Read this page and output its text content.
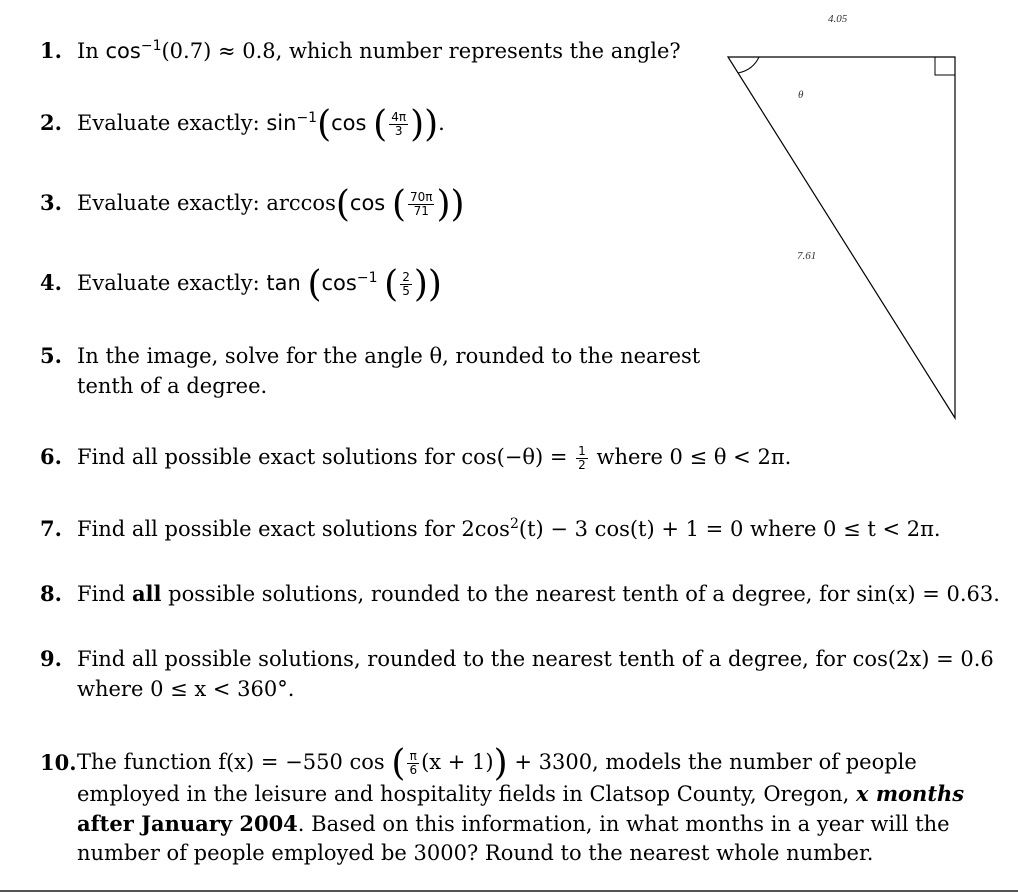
1. In $\cos^{-1}(0.7) \approx 0.8$, which number represents the angle?
2. Evaluate exactly: $\sin^{-1}(\cos$ ( $\frac{4\pi}{3}$ )).
3. Evaluate exactly: arccos(cos ( $\frac{70\pi}{71}$ ))
4. Evaluate exactly: $\tan (\cos^{-1}$ ( $\frac{2}{5}$ ))
5. In the image, solve for the angle θ, rounded to the nearest
tenth of a degree.
6. Find all possible exact solutions for $\cos(-\theta) = \frac{1}{2}$ where 0 ≤ θ < 2π.
7. Find all possible exact solutions for $2\cos^2(t) - 3$ cos(t) + 1 = 0 where 0 ≤ t < 2π.
8. Find all possible solutions, rounded to the nearest tenth of a degree, for sin(x) = 0.63.
9. Find all possible solutions, rounded to the nearest tenth of a degree, for cos(2x) = 0.6
where 0 ≤ x < 360°.
10. The function f(x) = −550 cos ( $\frac{\pi}{6} (x + 1)) + 3300$, models the number of people
employed in the leisure and hospitality fields in Clatsop County, Oregon, x months
after January 2004. Based on this information, in what months in a year will the
number of people employed be 3000? Round to the nearest whole number.
4.05
7.61
θ
